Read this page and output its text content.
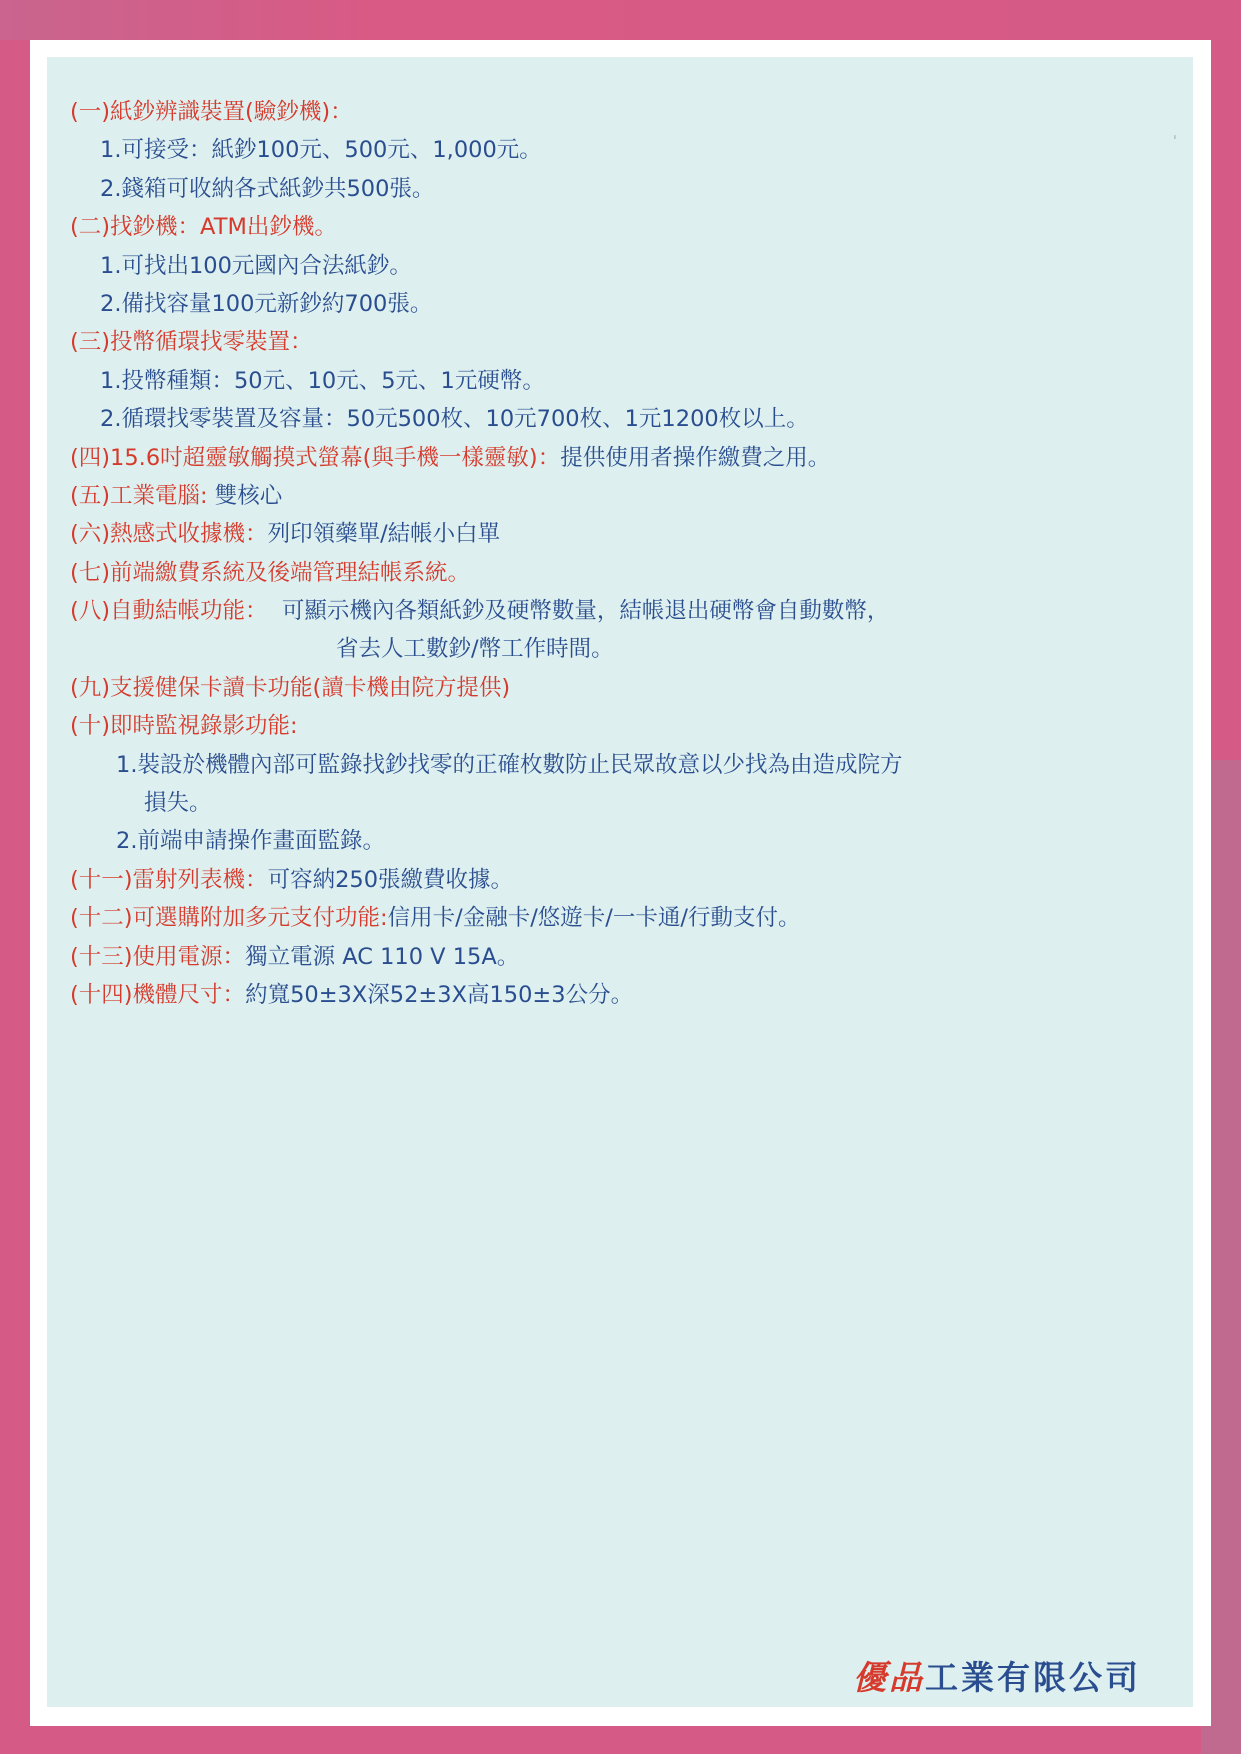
ˈ
(一)紙鈔辨識裝置(驗鈔機)：
1.可接受：紙鈔100元、500元、1,000元。
2.錢箱可收納各式紙鈔共500張。
(二)找鈔機：ATM出鈔機。
1.可找出100元國內合法紙鈔。
2.備找容量100元新鈔約700張。
(三)投幣循環找零裝置：
1.投幣種類：50元、10元、5元、1元硬幣。
2.循環找零裝置及容量：50元500枚、10元700枚、1元1200枚以上。
(四)15.6吋超靈敏觸摸式螢幕(與手機一樣靈敏)：提供使用者操作繳費之用。
(五)工業電腦: 雙核心
(六)熱感式收據機：列印領藥單/結帳小白單
(七)前端繳費系統及後端管理結帳系統。
(八)自動結帳功能：  可顯示機內各類紙鈔及硬幣數量，結帳退出硬幣會自動數幣，
省去人工數鈔/幣工作時間。
(九)支援健保卡讀卡功能(讀卡機由院方提供)
(十)即時監視錄影功能:
1.裝設於機體內部可監錄找鈔找零的正確枚數防止民眾故意以少找為由造成院方
損失。
2.前端申請操作畫面監錄。
(十一)雷射列表機：可容納250張繳費收據。
(十二)可選購附加多元支付功能:信用卡/金融卡/悠遊卡/一卡通/行動支付。
(十三)使用電源：獨立電源 AC 110 V 15A。
(十四)機體尺寸：約寬50±3X深52±3X高150±3公分。
優品工業有限公司
